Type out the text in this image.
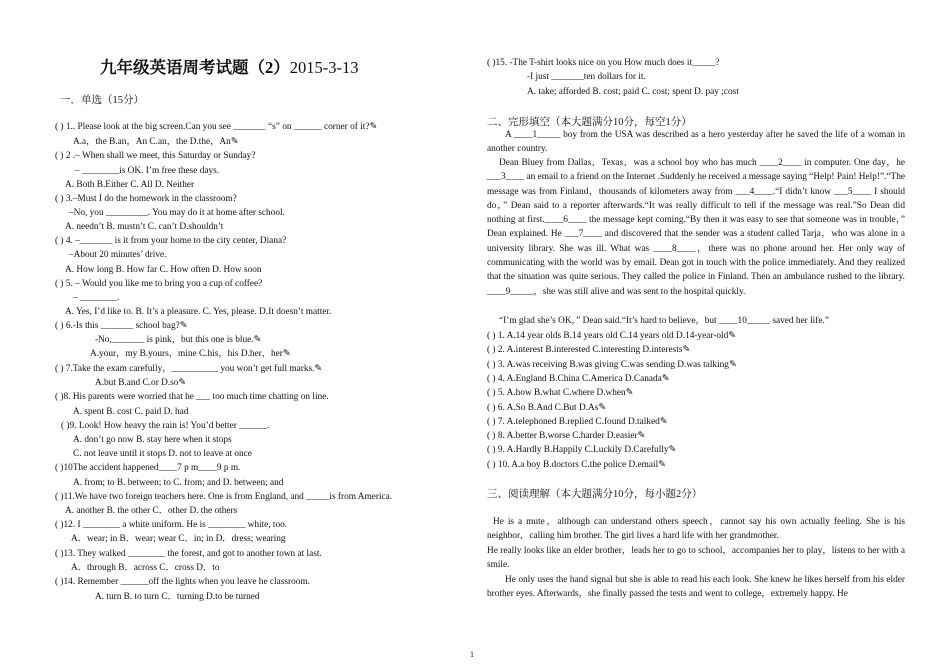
九年级英语周考试题（2）2015-3-13
一．单选（15分）
( ) 1.. Please look at the big screen.Can you see _______ “s” on ______ corner of it?✎
A.a，the B.an，An C.an，the D.the，An✎
( ) 2 .– When shall we meet, this Saturday or Sunday?
– ________is OK. I’m free these days.
A. Both B.Either C. All D. Neither
( ) 3.–Must I do the homework in the classroom?
–No, you _________. You may do it at home after school.
A. needn’t B. mustn’t C. can’t D.shouldn’t
( ) 4. –_______ is it from your home to the city center, Diana?
–About 20 minutes’ drive.
A. How long B. How far C. How often D. How soon
( ) 5. – Would you like me to bring you a cup of coffee?
– ________.
A. Yes, I’d like to. B. It’s a pleasure. C. Yes, please. D.It doesn’t matter.
( ) 6.-Is this _______ school bag?✎
-No,_______ is pink，but this one is blue.✎
A.your，my B.yours，mine C.his，his D.her，her✎
( ) 7.Take the exam carefully，__________ you won’t get full marks.✎
A.but B.and C.or D.so✎
( )8. His parents were worried that he ___ too much time chatting on line.
A. spent B. cost C. paid D. had
( )9. Look! How heavy the rain is! You’d better ______.
A. don’t go now B. stay here when it stops
C. not leave until it stops D. not to leave at once
( )10The accident happened____7 p m____9 p m.
A. from; to B. between; to C. from; and D. between; and
( )11.We have two foreign teachers here. One is from England, and _____is from America.
A. another B. the other C．other D. the others
( )12. I ________ a white uniform. He is ________ white, too.
A．wear; in B．wear; wear C．in; in D．dress; wearing
( )13. They walked ________ the forest, and got to another town at last.
A．through B．across C．cross D．to
( )14. Remember ______off the lights when you leave he classroom.
A. turn B. to turn C．turning D.to be turned
( )15. -The T-shirt looks nice on you How much does it_____?
-I just _______ten dollars for it.
A. take; afforded B. cost; paid C. cost; spent D. pay ;cost
二、完形填空（本大题满分10分，每空1分）
A ____1_____ boy from the USA was described as a hero yesterday after he saved the life of a woman in another country.
Dean Bluey from Dallas，Texas，was a school boy who has much ____2____ in computer. One day，he ___3____ an email to a friend on the Internet .Suddenly he received a message saying “Help! Pain! Help!”.“The message was from Finland，thousands of kilometers away from ___4____.“I didn’t know ___5____ I should do，” Dean said to a reporter afterwards.“It was really difficult to tell if the message was real.”So Dean did nothing at first.____6____ the message kept coming.“By then it was easy to see that someone was in trouble，” Dean explained. He ___7____ and discovered that the sender was a student called Tarja，who was alone in a university library. She was ill. What was ____8____，there was no phone around her. Her only way of communicating with the world was by email. Dean got in touch with the police immediately. And they realized that the situation was quite serious. They called the police in Finland. Then an ambulance rushed to the library. ____9_____，she was still alive and was sent to the hospital quickly.
“I’m glad she’s OK，” Dean said.“It’s hard to believe，but ____10_____ saved her life.”
( ) 1. A.14 year olds B.14 years old C.14 years old D.14-year-old✎
( ) 2. A.interest B.interested C.interesting D.interests✎
( ) 3. A.was receiving B.was giving C.was sending D.was talking✎
( ) 4. A.England B.China C.America D.Canada✎
( ) 5. A.how B.what C.where D.when✎
( ) 6. A.So B.And C.But D.As✎
( ) 7. A.telephoned B.replied C.found D.talked✎
( ) 8. A.better B.worse C.harder D.easier✎
( ) 9. A.Hardly B.Happily C.Luckily D.Carefully✎
( ) 10. A.a boy B.doctors C.the police D.email✎
三、阅读理解（本大题满分10分，每小题2分）
He is a mute，although can understand others speech，cannot say his own actually feeling. She is his neighbor，calling him brother. The girl lives a hard life with her grandmother.
He really looks like an elder brother，leads her to go to school，accompanies her to play，listens to her with a smile.
He only uses the hand signal but she is able to read his each look. She knew he likes herself from his elder brother eyes. Afterwards，she finally passed the tests and went to college，extremely happy. He
1
